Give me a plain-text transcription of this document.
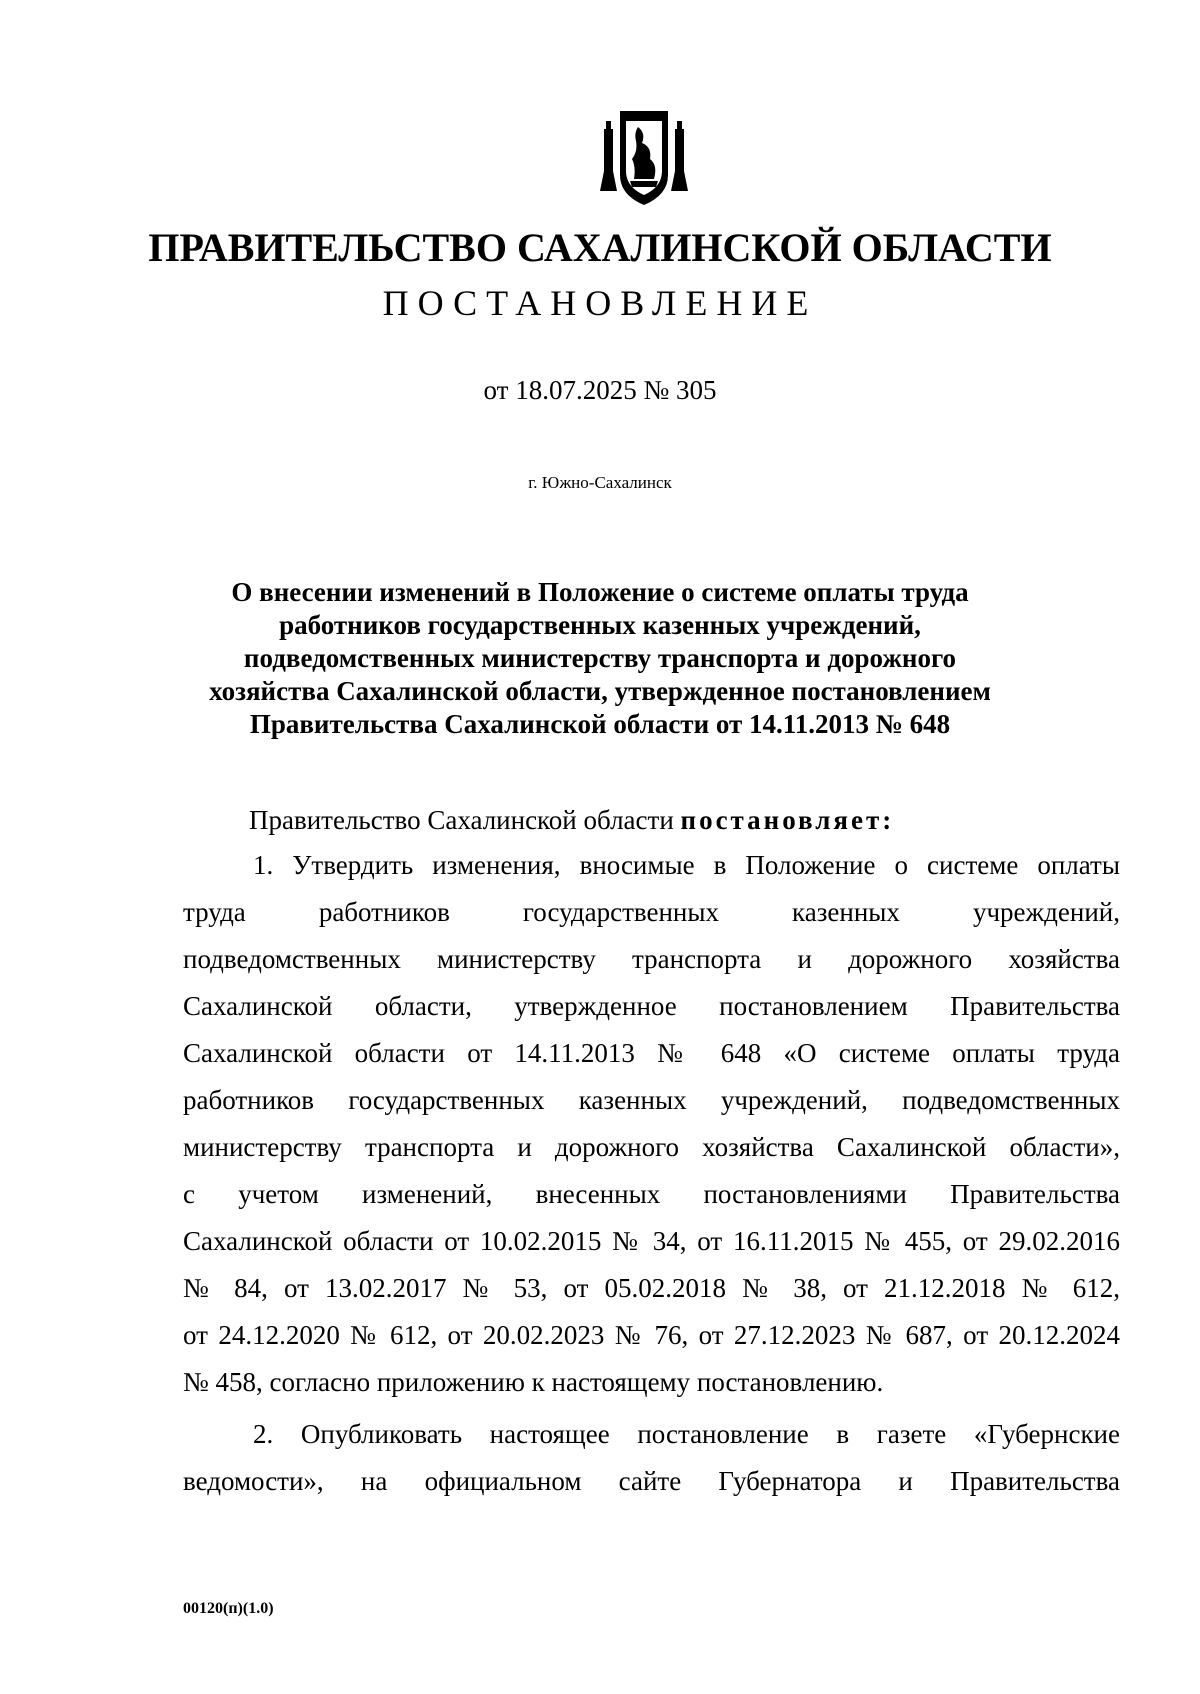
ПРАВИТЕЛЬСТВО САХАЛИНСКОЙ ОБЛАСТИ
ПОСТАНОВЛЕНИЕ
от 18.07.2025 № 305
г. Южно-Сахалинск
О внесении изменений в Положение о системе оплаты труда
работников государственных казенных учреждений,
подведомственных министерству транспорта и дорожного
хозяйства Сахалинской области, утвержденное постановлением
Правительства Сахалинской области от 14.11.2013 № 648
Правительство Сахалинской области постановляет:
1. Утвердить изменения, вносимые в Положение о системе оплаты
труда работников государственных казенных учреждений,
подведомственных министерству транспорта и дорожного хозяйства
Сахалинской области, утвержденное постановлением Правительства
Сахалинской области от 14.11.2013 № 648 «О системе оплаты труда
работников государственных казенных учреждений, подведомственных
министерству транспорта и дорожного хозяйства Сахалинской области»,
с учетом изменений, внесенных постановлениями Правительства
Сахалинской области от 10.02.2015 № 34, от 16.11.2015 № 455, от 29.02.2016
№ 84, от 13.02.2017 № 53, от 05.02.2018 № 38, от 21.12.2018 № 612,
от 24.12.2020 № 612, от 20.02.2023 № 76, от 27.12.2023 № 687, от 20.12.2024
№ 458, согласно приложению к настоящему постановлению.
2. Опубликовать настоящее постановление в газете «Губернские
ведомости», на официальном сайте Губернатора и Правительства
00120(п)(1.0)
